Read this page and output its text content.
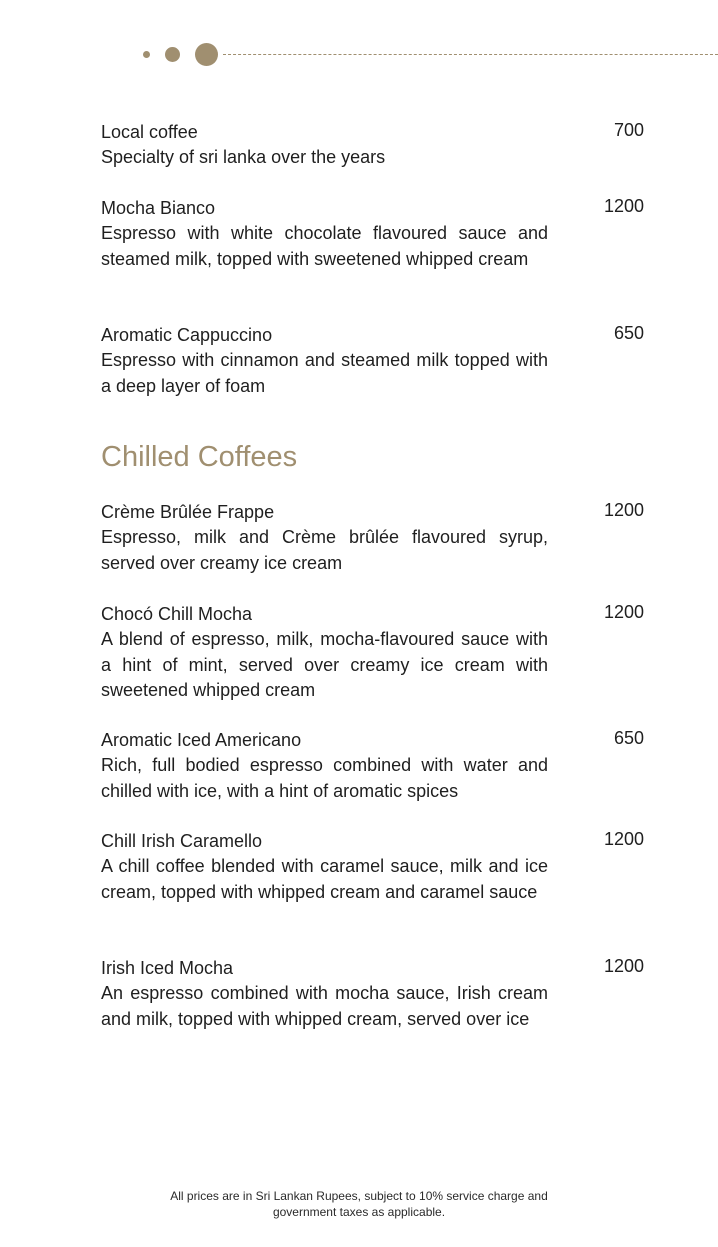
Local coffee
Specialty of sri lanka over the years
700
Mocha Bianco
Espresso with white chocolate flavoured sauce and steamed milk, topped with sweetened whipped cream
1200
Aromatic Cappuccino
Espresso with cinnamon and steamed milk topped with a deep layer of foam
650
Chilled Coffees
Crème Brûlée Frappe
Espresso, milk and Crème brûlée flavoured syrup, served over creamy ice cream
1200
Chocó Chill Mocha
A blend of espresso, milk, mocha-flavoured sauce with a hint of mint, served over creamy ice cream with sweetened whipped cream
1200
Aromatic Iced Americano
Rich, full bodied espresso combined with water and chilled with ice, with a hint of aromatic spices
650
Chill Irish Caramello
A chill coffee blended with caramel sauce, milk and ice cream, topped with whipped cream and caramel sauce
1200
Irish Iced Mocha
An espresso combined with mocha sauce, Irish cream and milk, topped with whipped cream, served over ice
1200
All prices are in Sri Lankan Rupees, subject to 10% service charge and
government taxes as applicable.
